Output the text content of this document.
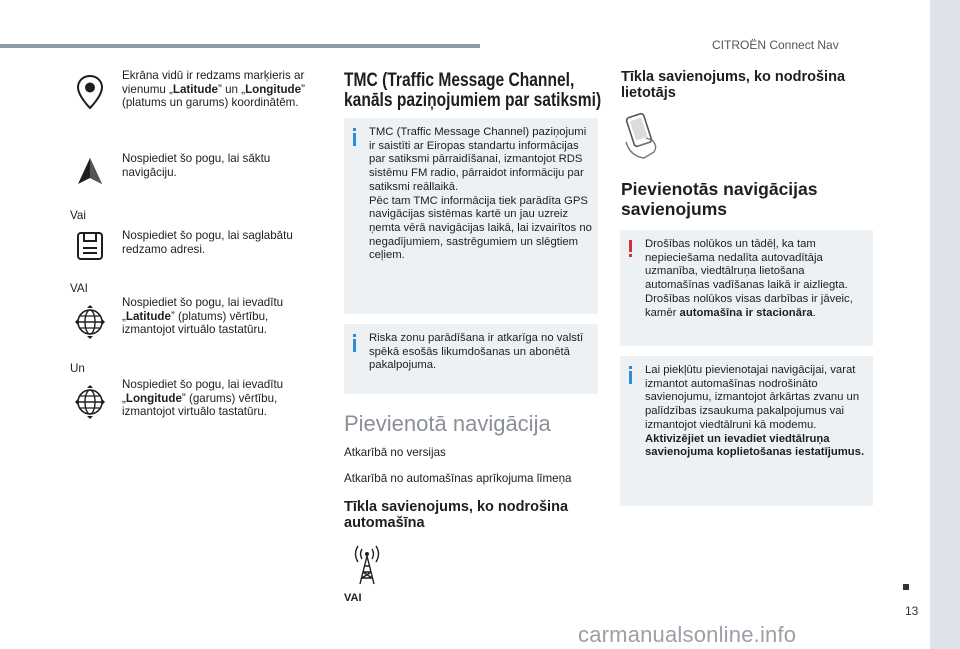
CITROËN Connect Nav
13
carmanualsonline.info
Ekrāna vidū ir redzams marķieris ar vienumu „Latitude” un „Longitude” (platums un garums) koordinātēm.
Nospiediet šo pogu, lai sāktu navigāciju.
Vai
Nospiediet šo pogu, lai saglabātu redzamo adresi.
VAI
Nospiediet šo pogu, lai ievadītu „Latitude” (platums) vērtību, izmantojot virtuālo tastatūru.
Un
Nospiediet šo pogu, lai ievadītu „Longitude” (garums) vērtību, izmantojot virtuālo tastatūru.
TMC (Traffic Message Channel,
kanāls paziņojumiem par satiksmi)
TMC (Traffic Message Channel) paziņojumi ir saistīti ar Eiropas standartu informācijas par satiksmi pārraidīšanai, izmantojot RDS sistēmu FM radio, pārraidot informāciju par satiksmi reāllaikā.
Pēc tam TMC informācija tiek parādīta GPS navigācijas sistēmas kartē un jau uzreiz ņemta vērā navigācijas laikā, lai izvairītos no negadījumiem, sastrēgumiem un slēgtiem ceļiem.
Riska zonu parādīšana ir atkarīga no valstī spēkā esošās likumdošanas un abonētā pakalpojuma.
Pievienotā navigācija
Atkarībā no versijas
Atkarībā no automašīnas aprīkojuma līmeņa
Tīkla savienojums, ko nodrošina
automašīna
VAI
Tīkla savienojums, ko nodrošina
lietotājs
Pievienotās navigācijas
savienojums
Drošības nolūkos un tādēļ, ka tam nepieciešama nedalīta autovadītāja uzmanība, viedtālruņa lietošana automašīnas vadīšanas laikā ir aizliegta.
Drošības nolūkos visas darbības ir jāveic, kamēr automašīna ir stacionāra.
Lai piekļūtu pievienotajai navigācijai, varat izmantot automašīnas nodrošināto savienojumu, izmantojot ārkārtas zvanu un palīdzības izsaukuma pakalpojumus vai izmantojot viedtālruni kā modemu.
Aktivizējiet un ievadiet viedtālruņa savienojuma koplietošanas iestatījumus.
